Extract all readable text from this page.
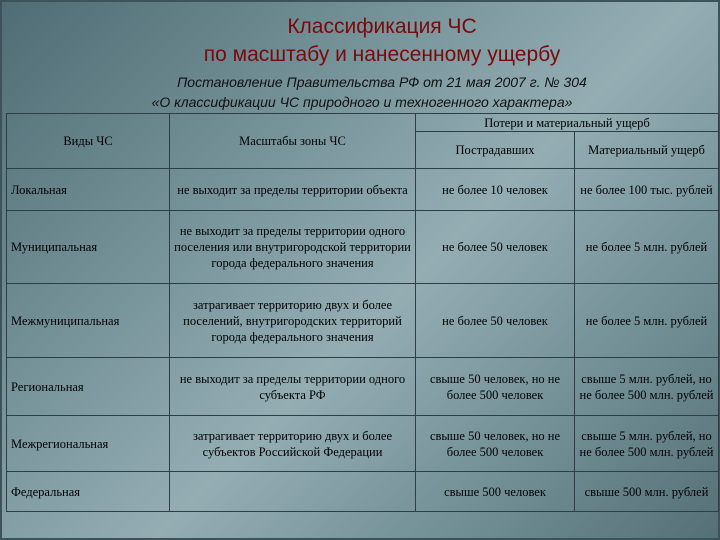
Классификация ЧС
по масштабу и нанесенному ущербу
Постановление Правительства РФ от 21 мая 2007 г. № 304
«О классификации ЧС природного и техногенного характера»
Виды ЧС	Масштабы зоны ЧС	Потери и материальный ущерб	
		Пострадавших	Материальный ущерб
Локальная	не выходит за пределы территории объекта	не более 10 человек	не более 100 тыс. рублей
Муниципальная	не выходит за пределы территории одного поселения или внутригородской территории города федерального значения	не более 50 человек	не более 5 млн. рублей
Межмуниципальная	затрагивает территорию двух и более поселений, внутригородских территорий города федерального значения	не более 50 человек	не более 5 млн. рублей
Региональная	не выходит за пределы территории одного субъекта РФ	свыше 50 человек, но не более 500 человек	свыше 5 млн. рублей, но не более 500 млн. рублей
Межрегиональная	затрагивает территорию двух и более субъектов Российской Федерации	свыше 50 человек, но не более 500 человек	свыше 5 млн. рублей, но не более 500 млн. рублей
Федеральная		свыше 500 человек	свыше 500 млн. рублей
